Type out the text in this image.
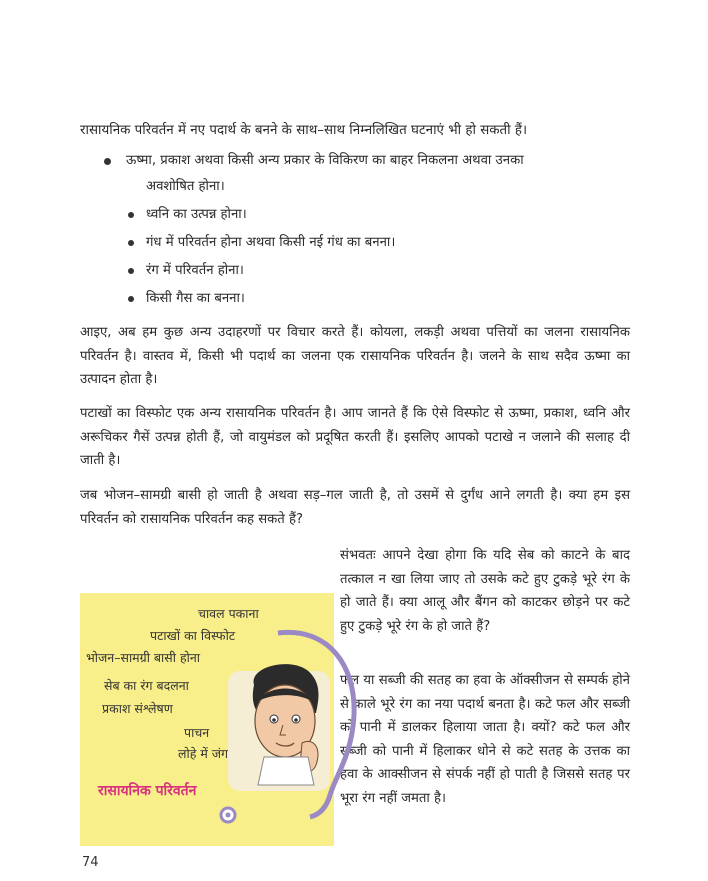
रासायनिक परिवर्तन में नए पदार्थ के बनने के साथ–साथ निम्नलिखित घटनाएं भी हो सकती हैं।

ऊष्मा, प्रकाश अथवा किसी अन्य प्रकार के विकिरण का बाहर निकलना अथवा उनका

अवशोषित होना।

ध्वनि का उत्पन्न होना।

गंध में परिवर्तन होना अथवा किसी नई गंध का बनना।

रंग में परिवर्तन होना।

किसी गैस का बनना।

आइए, अब हम कुछ अन्य उदाहरणों पर विचार करते हैं। कोयला, लकड़ी अथवा पत्तियों का जलना रासायनिक परिवर्तन है। वास्तव में, किसी भी पदार्थ का जलना एक रासायनिक परिवर्तन है। जलने के साथ सदैव ऊष्मा का उत्पादन होता है।

पटाखों का विस्फोट एक अन्य रासायनिक परिवर्तन है। आप जानते हैं कि ऐसे विस्फोट से ऊष्मा, प्रकाश, ध्वनि और अरूचिकर गैसें उत्पन्न होती हैं, जो वायुमंडल को प्रदूषित करती हैं। इसलिए आपको पटाखे न जलाने की सलाह दी जाती है।

जब भोजन–सामग्री बासी हो जाती है अथवा सड़–गल जाती है, तो उसमें से दुर्गंध आने लगती है। क्या हम इस परिवर्तन को रासायनिक परिवर्तन कह सकते हैं?

संभवतः आपने देखा होगा कि यदि सेब को काटने के बाद तत्काल न खा लिया जाए तो उसके कटे हुए टुकड़े भूरे रंग के हो जाते हैं। क्या आलू और बैंगन को काटकर छोड़ने पर कटे हुए टुकड़े भूरे रंग के हो जाते हैं?

फल या सब्जी की सतह का हवा के ऑक्सीजन से सम्पर्क होने से काले भूरे रंग का नया पदार्थ बनता है। कटे फल और सब्जी को पानी में डालकर हिलाया जाता है। क्यों? कटे फल और सब्जी को पानी में हिलाकर धोने से कटे सतह के उत्तक का हवा के आक्सीजन से संपर्क नहीं हो पाती है जिससे सतह पर भूरा रंग नहीं जमता है।

चावल पकाना
पटाखों का विस्फोट
भोजन–सामग्री बासी होना
सेब का रंग बदलना
प्रकाश संश्लेषण
पाचन
लोहे में जंग
रासायनिक परिवर्तन
74
